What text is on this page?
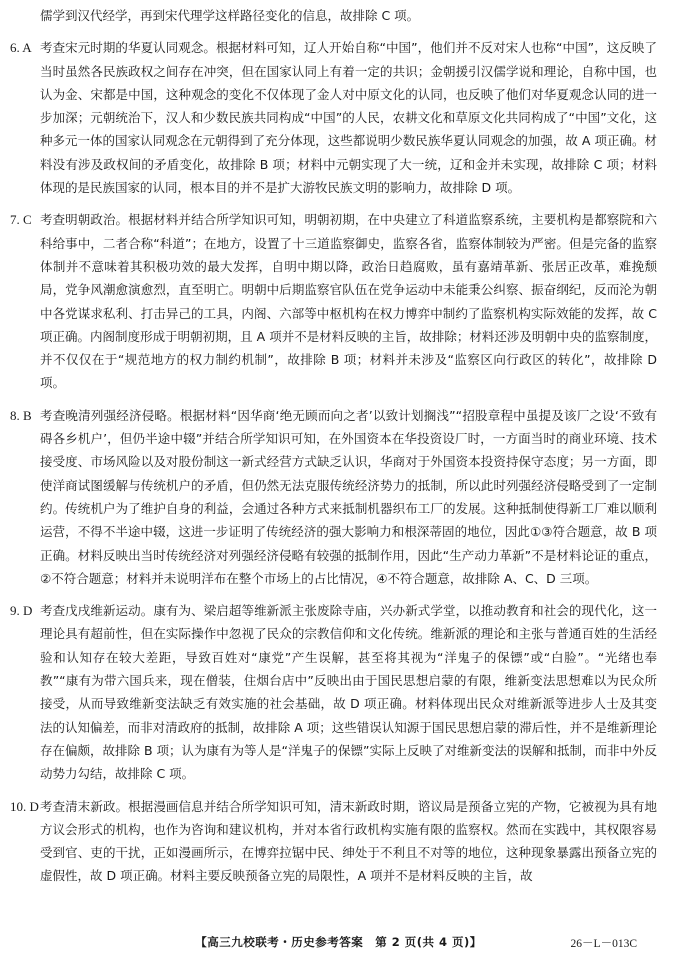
儒学到汉代经学，再到宋代理学这样路径变化的信息，故排除 C 项。

6. A 考查宋元时期的华夏认同观念。根据材料可知，辽人开始自称“中国”，他们并不反对宋人也称“中国”，这反映了当时虽然各民族政权之间存在冲突，但在国家认同上有着一定的共识；金朝援引汉儒学说和理论，自称中国，也认为金、宋都是中国，这种观念的变化不仅体现了金人对中原文化的认同，也反映了他们对华夏观念认同的进一步加深；元朝统治下，汉人和少数民族共同构成“中国”的人民，农耕文化和草原文化共同构成了“中国”文化，这种多元一体的国家认同观念在元朝得到了充分体现，这些都说明少数民族华夏认同观念的加强，故 A 项正确。材料没有涉及政权间的矛盾变化，故排除 B 项；材料中元朝实现了大一统，辽和金并未实现，故排除 C 项；材料体现的是民族国家的认同，根本目的并不是扩大游牧民族文明的影响力，故排除 D 项。
7. C 考查明朝政治。根据材料并结合所学知识可知，明朝初期，在中央建立了科道监察系统，主要机构是都察院和六科给事中，二者合称“科道”；在地方，设置了十三道监察御史，监察各省，监察体制较为严密。但是完备的监察体制并不意味着其积极功效的最大发挥，自明中期以降，政治日趋腐败，虽有嘉靖革新、张居正改革，难挽颓局，党争风潮愈演愈烈，直至明亡。明朝中后期监察官队伍在党争运动中未能秉公纠察、振奋纲纪，反而沦为朝中各党谋求私利、打击异己的工具，内阁、六部等中枢机构在权力博弈中制约了监察机构实际效能的发挥，故 C 项正确。内阁制度形成于明朝初期，且 A 项并不是材料反映的主旨，故排除；材料还涉及明朝中央的监察制度，并不仅仅在于“规范地方的权力制约机制”，故排除 B 项；材料并未涉及“监察区向行政区的转化”，故排除 D 项。
8. B 考查晚清列强经济侵略。根据材料“因华商‘绝无顾而向之者’以致计划搁浅”“招股章程中虽提及该厂之设‘不致有碍各乡机户’，但仍半途中辍”并结合所学知识可知，在外国资本在华投资设厂时，一方面当时的商业环境、技术接受度、市场风险以及对股份制这一新式经营方式缺乏认识，华商对于外国资本投资持保守态度；另一方面，即使洋商试图缓解与传统机户的矛盾，但仍然无法克服传统经济势力的抵制，所以此时列强经济侵略受到了一定制约。传统机户为了维护自身的利益，会通过各种方式来抵制机器织布工厂的发展。这种抵制使得新工厂难以顺利运营，不得不半途中辍，这进一步证明了传统经济的强大影响力和根深蒂固的地位，因此①③符合题意，故 B 项正确。材料反映出当时传统经济对列强经济侵略有较强的抵制作用，因此“生产动力革新”不是材料论证的重点，②不符合题意；材料并未说明洋布在整个市场上的占比情况，④不符合题意，故排除 A、C、D 三项。
9. D 考查戊戌维新运动。康有为、梁启超等维新派主张废除寺庙，兴办新式学堂，以推动教育和社会的现代化，这一理论具有超前性，但在实际操作中忽视了民众的宗教信仰和文化传统。维新派的理论和主张与普通百姓的生活经验和认知存在较大差距，导致百姓对“康党”产生误解，甚至将其视为“洋鬼子的保镖”或“白脸”。“光绪也奉教”“康有为带六国兵来，现在僧装，住烟台店中”反映出由于国民思想启蒙的有限，维新变法思想难以为民众所接受，从而导致维新变法缺乏有效实施的社会基础，故 D 项正确。材料体现出民众对维新派等进步人士及其变法的认知偏差，而非对清政府的抵制，故排除 A 项；这些错误认知源于国民思想启蒙的滞后性，并不是维新理论存在偏颇，故排除 B 项；认为康有为等人是“洋鬼子的保镖”实际上反映了对维新变法的误解和抵制，而非中外反动势力勾结，故排除 C 项。
10. D 考查清末新政。根据漫画信息并结合所学知识可知，清末新政时期，谘议局是预备立宪的产物，它被视为具有地方议会形式的机构，也作为咨询和建议机构，并对本省行政机构实施有限的监察权。然而在实践中，其权限容易受到官、吏的干扰，正如漫画所示，在博弈拉锯中民、绅处于不利且不对等的地位，这种现象暴露出预备立宪的虚假性，故 D 项正确。材料主要反映预备立宪的局限性，A 项并不是材料反映的主旨，故
【高三九校联考・历史参考答案　第 2 页(共 4 页)】	26－L－013C
